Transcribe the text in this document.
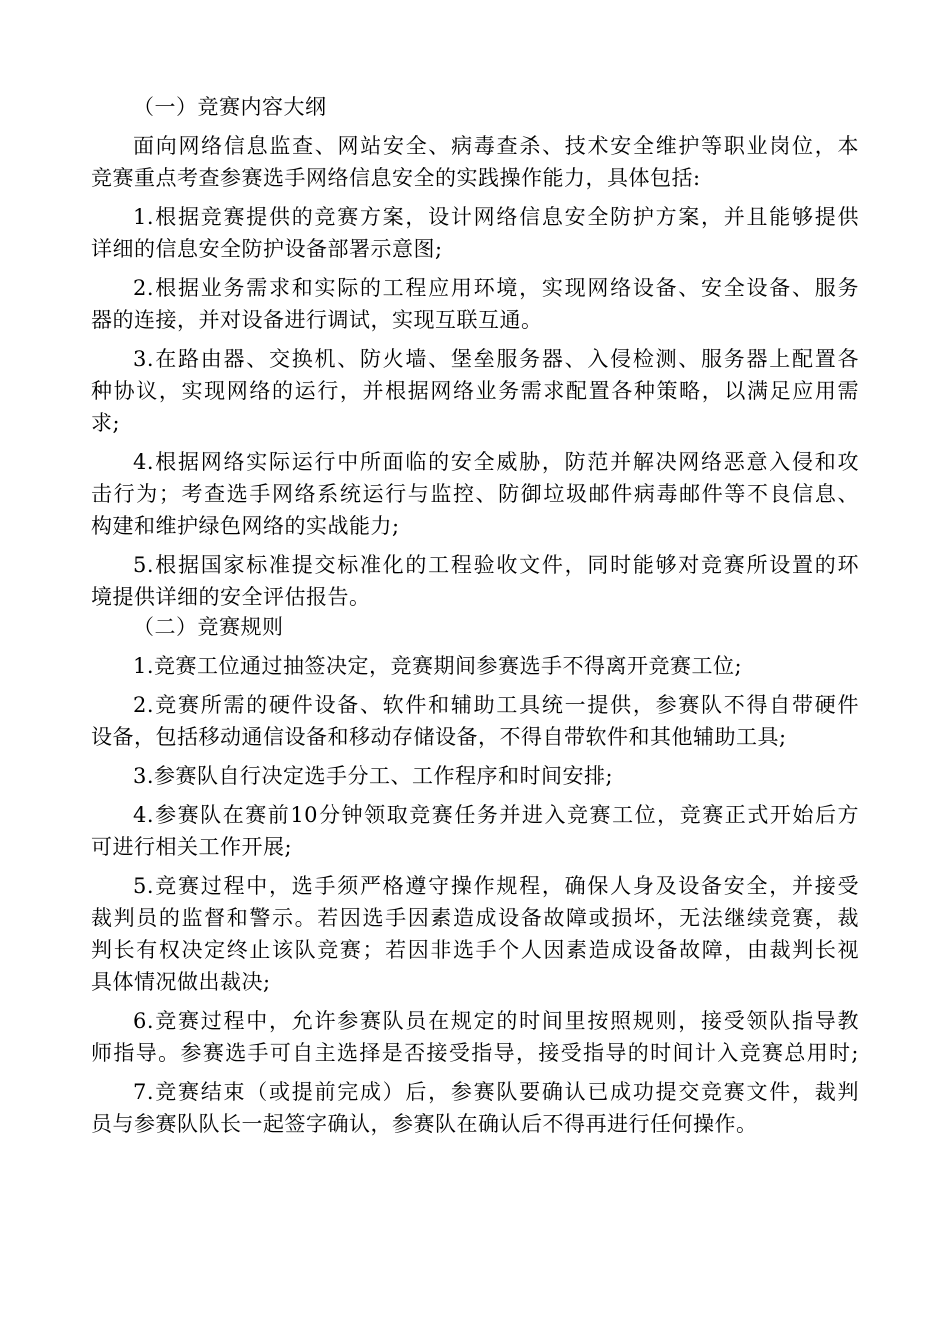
（一）竞赛内容大纲
面向网络信息监查、网站安全、病毒查杀、技术安全维护等职业岗位，本
竞赛重点考查参赛选手网络信息安全的实践操作能力，具体包括:
1.根据竞赛提供的竞赛方案，设计网络信息安全防护方案，并且能够提供
详细的信息安全防护设备部署示意图;
2.根据业务需求和实际的工程应用环境，实现网络设备、安全设备、服务
器的连接，并对设备进行调试，实现互联互通。
3.在路由器、交换机、防火墙、堡垒服务器、入侵检测、服务器上配置各
种协议，实现网络的运行，并根据网络业务需求配置各种策略，以满足应用需
求;
4.根据网络实际运行中所面临的安全威胁，防范并解决网络恶意入侵和攻
击行为；考查选手网络系统运行与监控、防御垃圾邮件病毒邮件等不良信息、
构建和维护绿色网络的实战能力;
5.根据国家标准提交标准化的工程验收文件，同时能够对竞赛所设置的环
境提供详细的安全评估报告。
（二）竞赛规则
1.竞赛工位通过抽签决定，竞赛期间参赛选手不得离开竞赛工位;
2.竞赛所需的硬件设备、软件和辅助工具统一提供，参赛队不得自带硬件
设备，包括移动通信设备和移动存储设备，不得自带软件和其他辅助工具;
3.参赛队自行决定选手分工、工作程序和时间安排;
4.参赛队在赛前10分钟领取竞赛任务并进入竞赛工位，竞赛正式开始后方
可进行相关工作开展;
5.竞赛过程中，选手须严格遵守操作规程，确保人身及设备安全，并接受
裁判员的监督和警示。若因选手因素造成设备故障或损坏，无法继续竞赛，裁
判长有权决定终止该队竞赛；若因非选手个人因素造成设备故障，由裁判长视
具体情况做出裁决;
6.竞赛过程中，允许参赛队员在规定的时间里按照规则，接受领队指导教
师指导。参赛选手可自主选择是否接受指导，接受指导的时间计入竞赛总用时;
7.竞赛结束（或提前完成）后，参赛队要确认已成功提交竞赛文件，裁判
员与参赛队队长一起签字确认，参赛队在确认后不得再进行任何操作。
